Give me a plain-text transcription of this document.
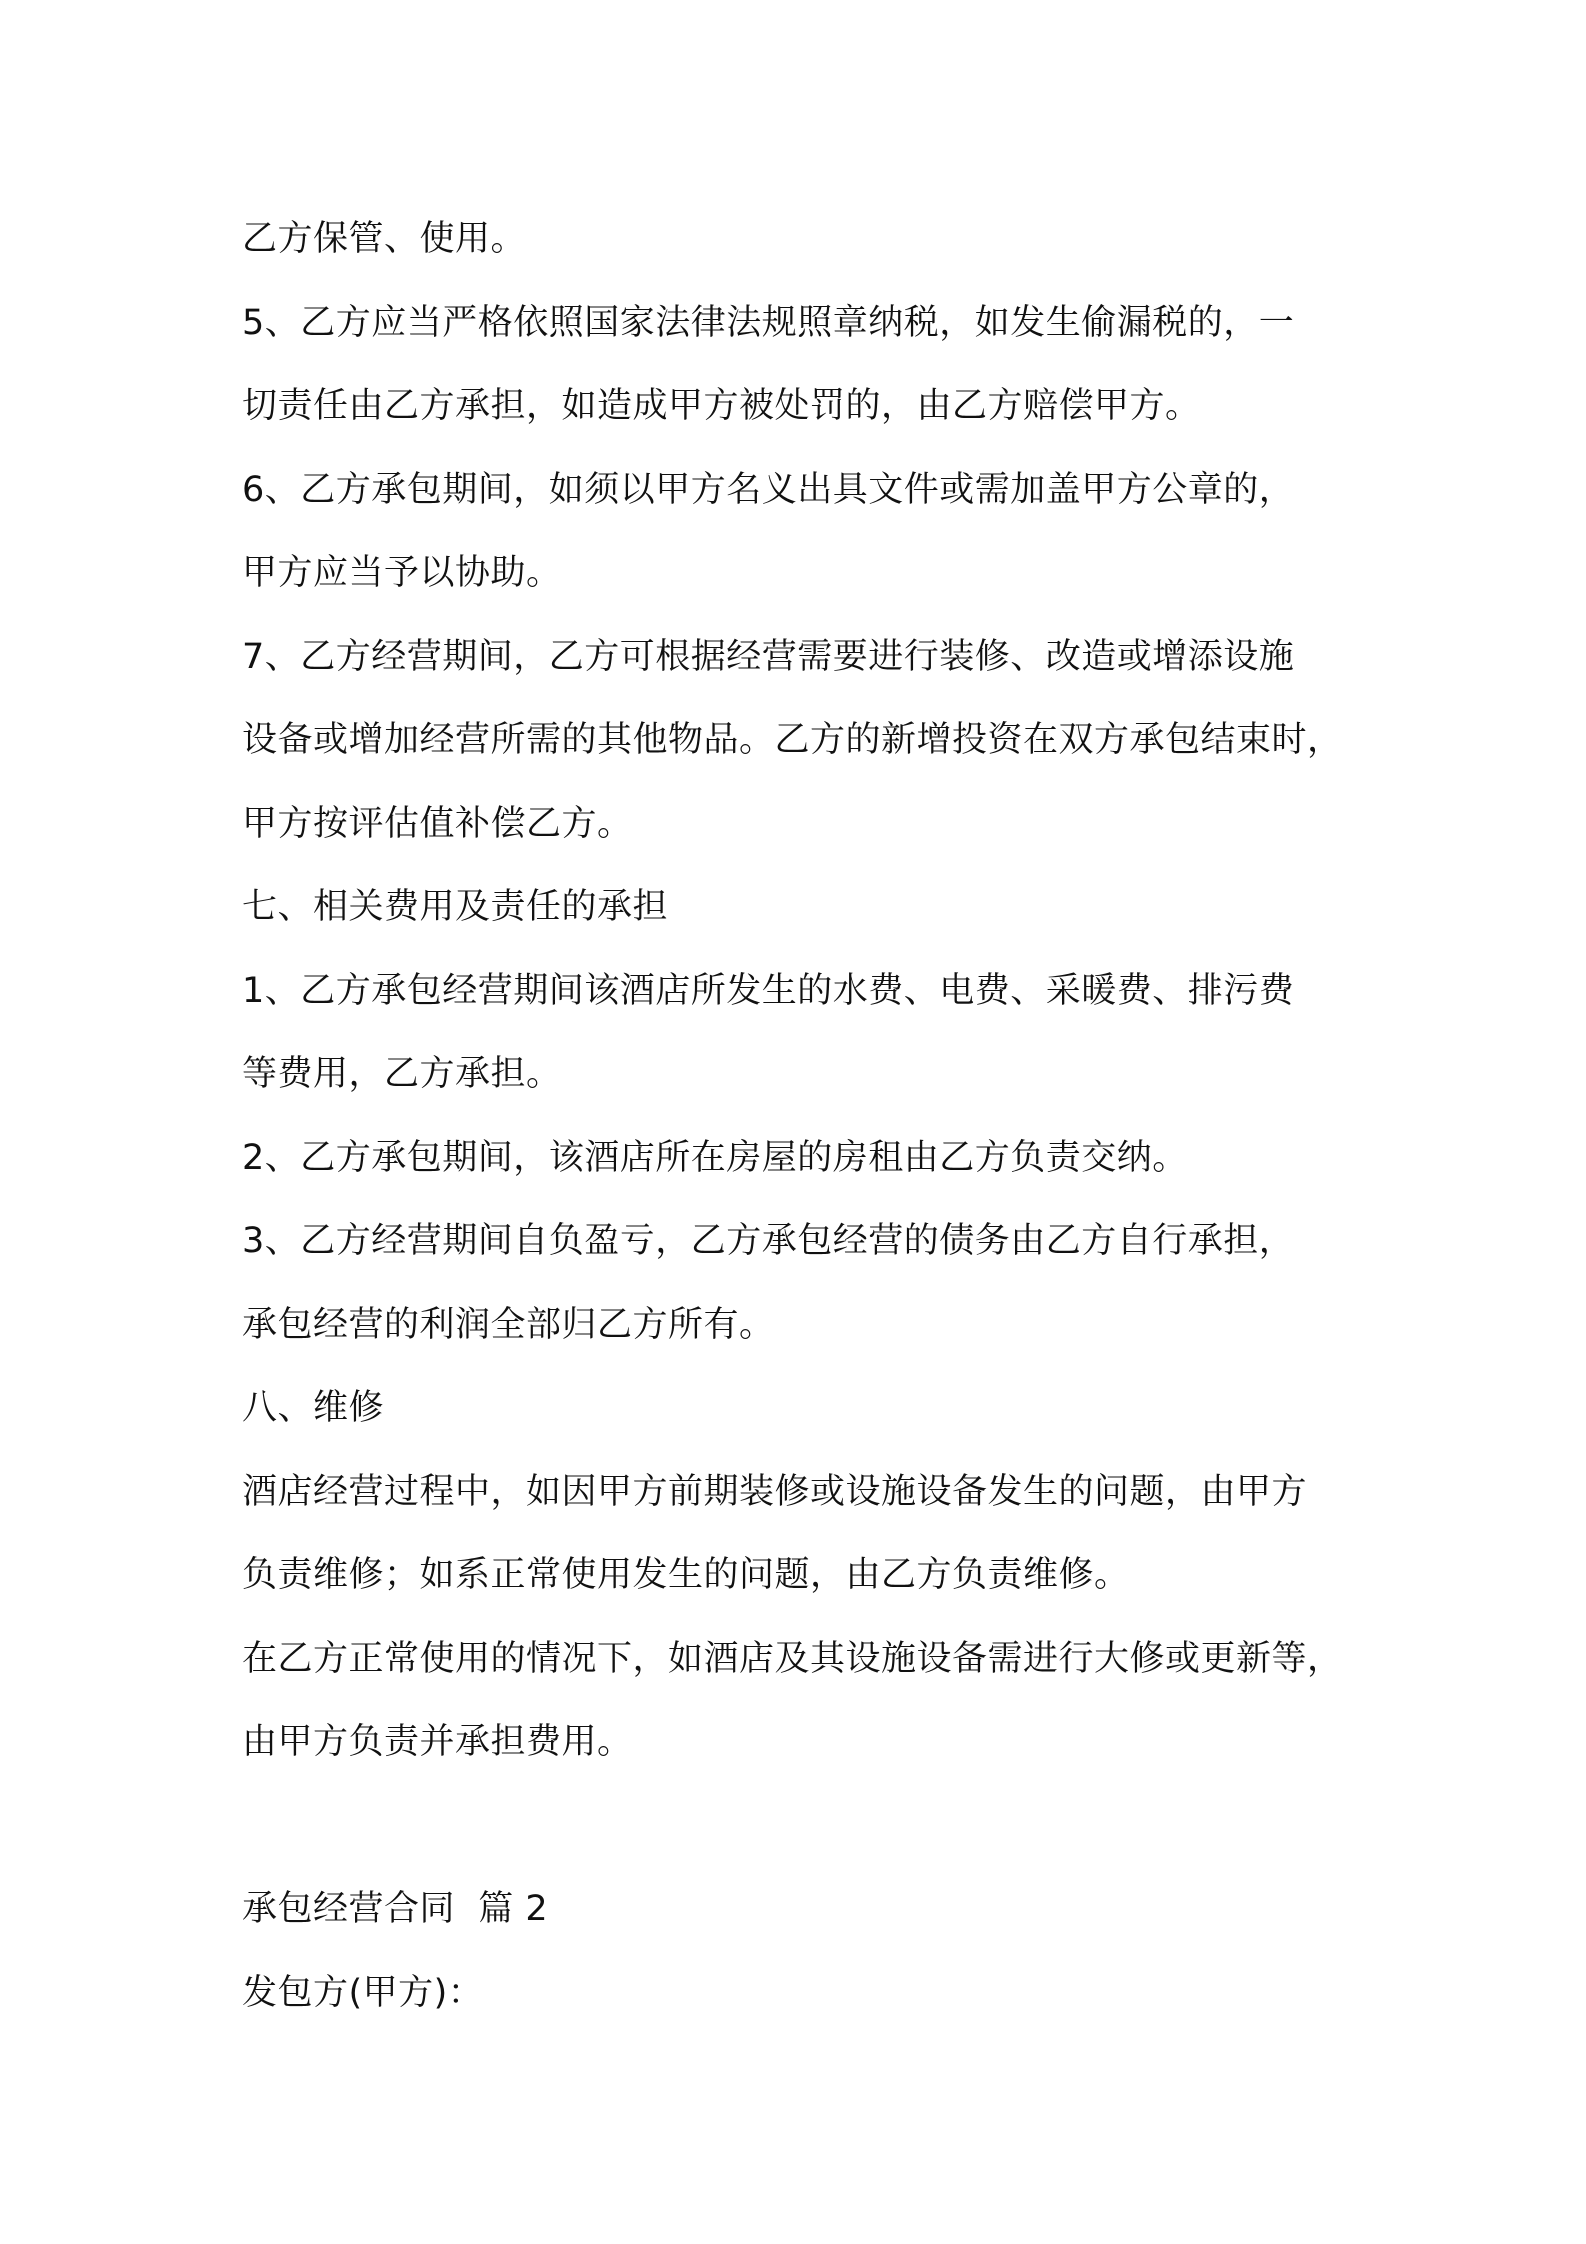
乙方保管、使用。
5、乙方应当严格依照国家法律法规照章纳税，如发生偷漏税的，一
切责任由乙方承担，如造成甲方被处罚的，由乙方赔偿甲方。
6、乙方承包期间，如须以甲方名义出具文件或需加盖甲方公章的，
甲方应当予以协助。
7、乙方经营期间，乙方可根据经营需要进行装修、改造或增添设施
设备或增加经营所需的其他物品。乙方的新增投资在双方承包结束时，
甲方按评估值补偿乙方。
七、相关费用及责任的承担
1、乙方承包经营期间该酒店所发生的水费、电费、采暖费、排污费
等费用，乙方承担。
2、乙方承包期间，该酒店所在房屋的房租由乙方负责交纳。
3、乙方经营期间自负盈亏，乙方承包经营的债务由乙方自行承担，
承包经营的利润全部归乙方所有。
八、维修
酒店经营过程中，如因甲方前期装修或设施设备发生的问题，由甲方
负责维修；如系正常使用发生的问题，由乙方负责维修。
在乙方正常使用的情况下，如酒店及其设施设备需进行大修或更新等，
由甲方负责并承担费用。
承包经营合同  篇 2
发包方(甲方)：
